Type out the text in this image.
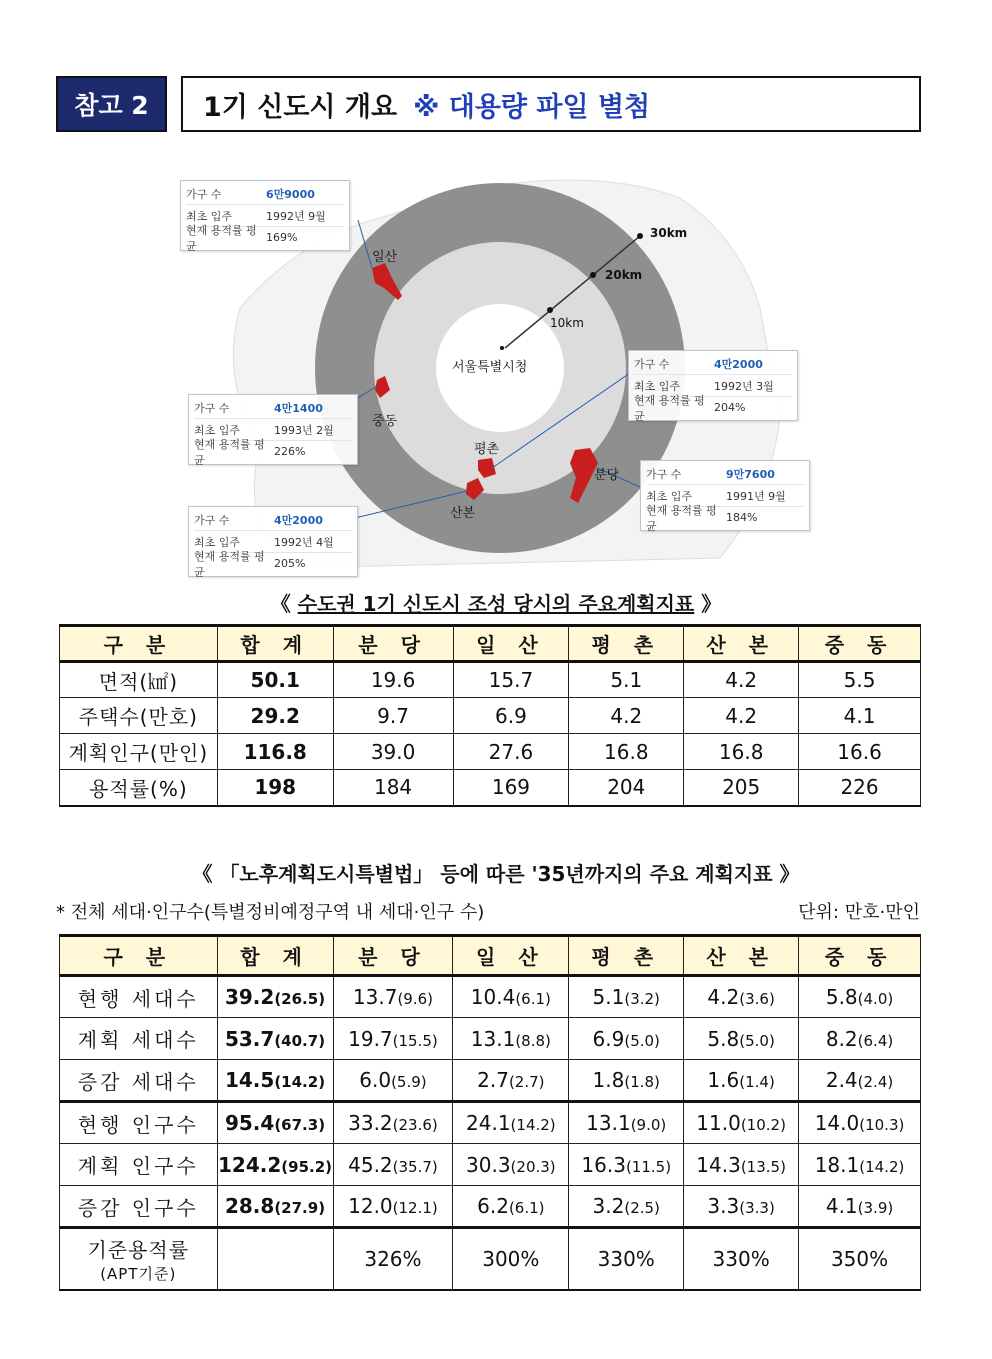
참고 2	1기 신도시 개요 ※ 대용량 파일 별첨
서울특별시청
10km
20km
30km
일산
중동
평촌
산본
분당
가구 수	6만9000
최초 입주	1992년 9월
현재 용적률 평균
169%
가구 수	4만1400
최초 입주	1993년 2월
현재 용적률 평균
226%
가구 수	4만2000
최초 입주	1992년 4월
현재 용적률 평균
205%
가구 수	4만2000
최초 입주	1992년 3월
현재 용적률 평균
204%
가구 수	9만7600
최초 입주	1991년 9월
현재 용적률 평균
184%
《 수도권 1기 신도시 조성 당시의 주요계획지표 》
구 분	합 계	분 당	일 산	평 촌	산 본	중 동
면적(㎢)	50.1	19.6	15.7	5.1	4.2	5.5
주택수(만호)	29.2	9.7	6.9	4.2	4.2	4.1
계획인구(만인)	116.8	39.0	27.6	16.8	16.8	16.6
용적률(%)	198	184	169	204	205	226
《 「노후계획도시특별법」 등에 따른 '35년까지의 주요 계획지표 》
* 전체 세대·인구수(특별정비예정구역 내 세대·인구 수)	단위: 만호·만인
구 분	합 계	분 당	일 산	평 촌	산 본	중 동
현행 세대수	39.2(26.5)	13.7(9.6)	10.4(6.1)	5.1(3.2)	4.2(3.6)	5.8(4.0)
계획 세대수	53.7(40.7)	19.7(15.5)	13.1(8.8)	6.9(5.0)	5.8(5.0)	8.2(6.4)
증감 세대수	14.5(14.2)	6.0(5.9)	2.7(2.7)	1.8(1.8)	1.6(1.4)	2.4(2.4)
현행 인구수	95.4(67.3)	33.2(23.6)	24.1(14.2)	13.1(9.0)	11.0(10.2)	14.0(10.3)
계획 인구수	124.2(95.2)	45.2(35.7)	30.3(20.3)	16.3(11.5)	14.3(13.5)	18.1(14.2)
증감 인구수	28.8(27.9)	12.0(12.1)	6.2(6.1)	3.2(2.5)	3.3(3.3)	4.1(3.9)

기준용적률
(APT기준)		326%	300%	330%	330%	350%
